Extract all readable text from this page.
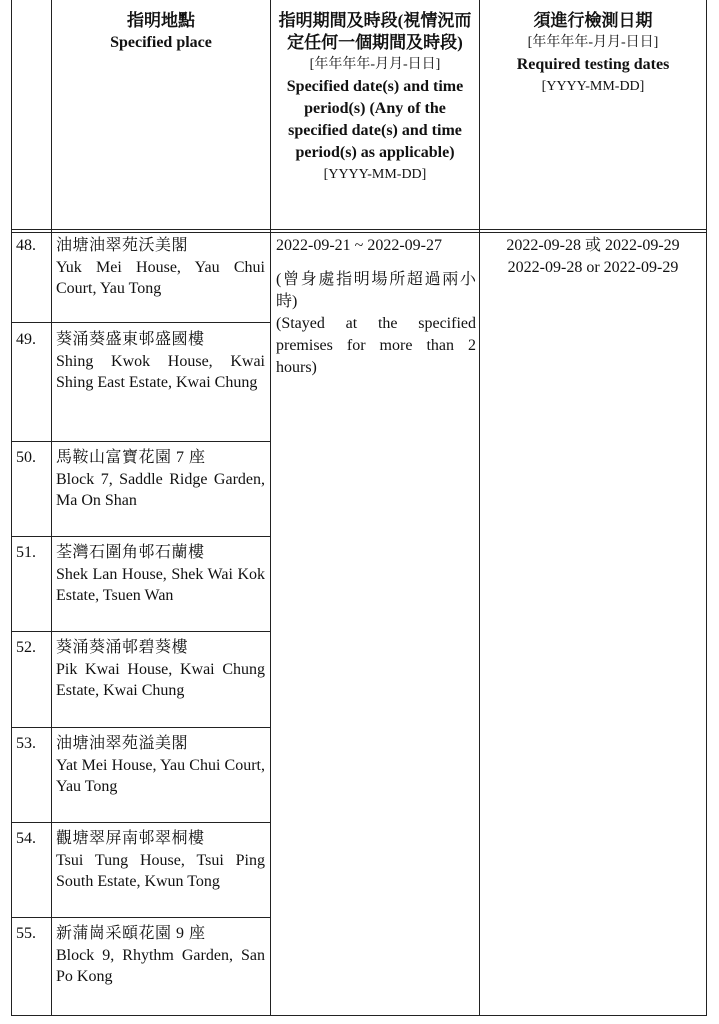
指明地點
Specified place
指明期間及時段(視情況而定任何一個期間及時段)
[年年年年-月月-日日]
Specified date(s) and time period(s) (Any of the specified date(s) and time period(s) as applicable)
[YYYY-MM-DD]
須進行檢測日期
[年年年年-月月-日日]
Required testing dates
[YYYY-MM-DD]
48.	油塘油翠苑沃美閣
Yuk Mei House, Yau Chui Court, Yau Tong
49.	葵涌葵盛東邨盛國樓
Shing Kwok House, Kwai Shing East Estate, Kwai Chung
50.	馬鞍山富寶花園 7 座
Block 7, Saddle Ridge Garden, Ma On Shan
51.	荃灣石圍角邨石蘭樓
Shek Lan House, Shek Wai Kok Estate, Tsuen Wan
52.	葵涌葵涌邨碧葵樓
Pik Kwai House, Kwai Chung Estate, Kwai Chung
53.	油塘油翠苑溢美閣
Yat Mei House, Yau Chui Court, Yau Tong
54.	觀塘翠屏南邨翠桐樓
Tsui Tung House, Tsui Ping South Estate, Kwun Tong
55.	新蒲崗采頤花園 9 座
Block 9, Rhythm Garden, San Po Kong
2022-09-21 ~ 2022-09-27
(曾身處指明場所超過兩小時)
(Stayed at the specified premises for more than 2 hours)
2022-09-28 或 2022-09-29
2022-09-28 or 2022-09-29
